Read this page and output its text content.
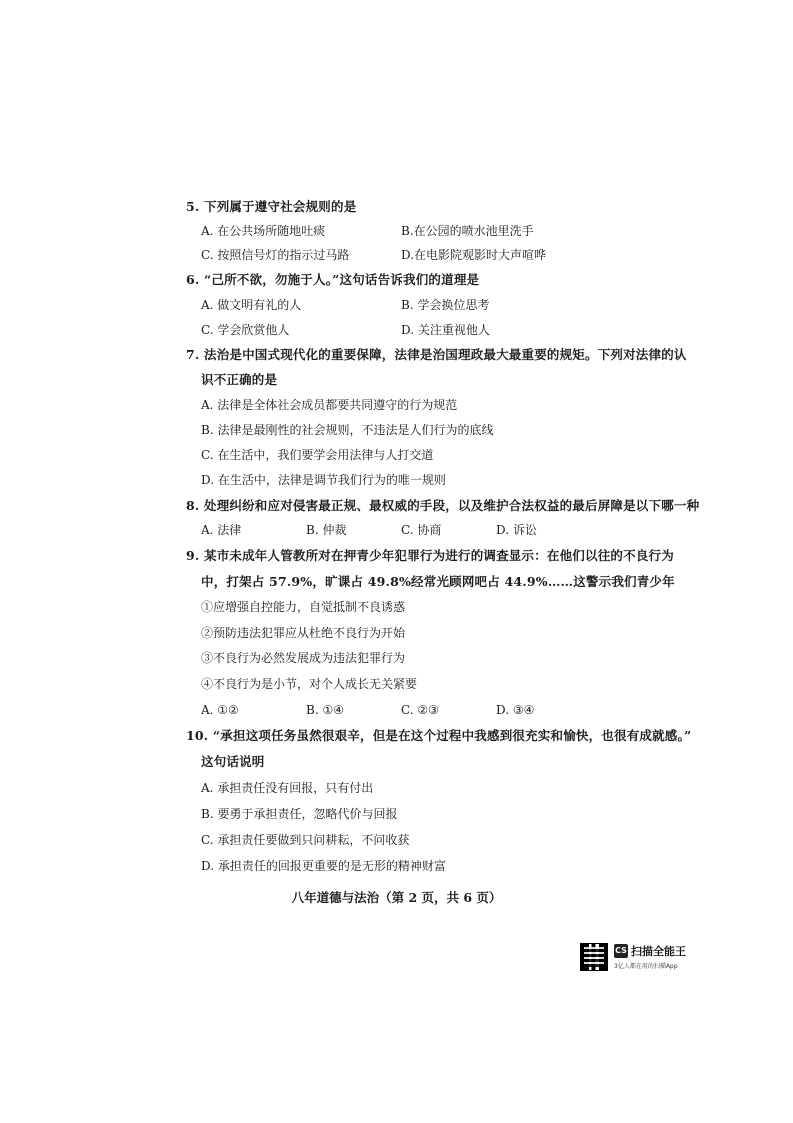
5. 下列属于遵守社会规则的是
A. 在公共场所随地吐痰	B.在公园的喷水池里洗手
C. 按照信号灯的指示过马路	D.在电影院观影时大声喧哗
6. “己所不欲，勿施于人。”这句话告诉我们的道理是
A. 做文明有礼的人	B. 学会换位思考
C. 学会欣赏他人	D. 关注重视他人
7. 法治是中国式现代化的重要保障，法律是治国理政最大最重要的规矩。下列对法律的认
识不正确的是
A. 法律是全体社会成员都要共同遵守的行为规范
B. 法律是最刚性的社会规则，不违法是人们行为的底线
C. 在生活中，我们要学会用法律与人打交道
D. 在生活中，法律是调节我们行为的唯一规则
8. 处理纠纷和应对侵害最正规、最权威的手段，以及维护合法权益的最后屏障是以下哪一种
A. 法律	B. 仲裁	C. 协商	D. 诉讼
9. 某市未成年人管教所对在押青少年犯罪行为进行的调查显示：在他们以往的不良行为
中，打架占 57.9%，旷课占 49.8%经常光顾网吧占 44.9%……这警示我们青少年
①应增强自控能力，自觉抵制不良诱惑
②预防违法犯罪应从杜绝不良行为开始
③不良行为必然发展成为违法犯罪行为
④不良行为是小节，对个人成长无关紧要
A. ①②	B. ①④	C. ②③	D. ③④
10. “承担这项任务虽然很艰辛，但是在这个过程中我感到很充实和愉快，也很有成就感。”
这句话说明
A. 承担责任没有回报，只有付出
B. 要勇于承担责任，忽略代价与回报
C. 承担责任要做到只问耕耘，不问收获
D. 承担责任的回报更重要的是无形的精神财富
八年道德与法治（第 2 页，共 6 页）
CS 扫描全能王
3亿人都在用的扫描App
